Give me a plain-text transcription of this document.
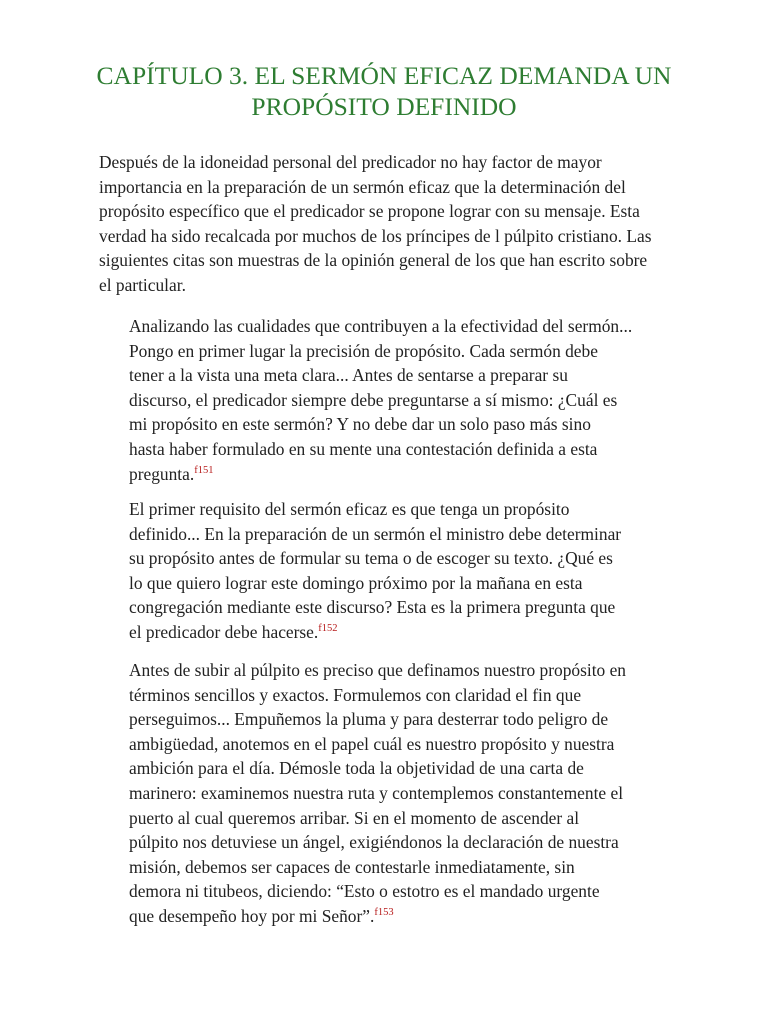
CAPÍTULO 3. EL SERMÓN EFICAZ DEMANDA UN
PROPÓSITO DEFINIDO

Después de la idoneidad personal del predicador no hay factor de mayor
importancia en la preparación de un sermón eficaz que la determinación del
propósito específico que el predicador se propone lograr con su mensaje. Esta
verdad ha sido recalcada por muchos de los príncipes de l púlpito cristiano. Las
siguientes citas son muestras de la opinión general de los que han escrito sobre
el particular.

Analizando las cualidades que contribuyen a la efectividad del sermón...
Pongo en primer lugar la precisión de propósito. Cada sermón debe
tener a la vista una meta clara... Antes de sentarse a preparar su
discurso, el predicador siempre debe preguntarse a sí mismo: ¿Cuál es
mi propósito en este sermón? Y no debe dar un solo paso más sino
hasta haber formulado en su mente una contestación definida a esta
pregunta.$^{f151}$

El primer requisito del sermón eficaz es que tenga un propósito
definido... En la preparación de un sermón el ministro debe determinar
su propósito antes de formular su tema o de escoger su texto. ¿Qué es
lo que quiero lograr este domingo próximo por la mañana en esta
congregación mediante este discurso? Esta es la primera pregunta que
el predicador debe hacerse.$^{f152}$

Antes de subir al púlpito es preciso que definamos nuestro propósito en
términos sencillos y exactos. Formulemos con claridad el fin que
perseguimos... Empuñemos la pluma y para desterrar todo peligro de
ambigüedad, anotemos en el papel cuál es nuestro propósito y nuestra
ambición para el día. Démosle toda la objetividad de una carta de
marinero: examinemos nuestra ruta y contemplemos constantemente el
puerto al cual queremos arribar. Si en el momento de ascender al
púlpito nos detuviese un ángel, exigiéndonos la declaración de nuestra
misión, debemos ser capaces de contestarle inmediatamente, sin
demora ni titubeos, diciendo: “Esto o estotro es el mandado urgente
que desempeño hoy por mi Señor”.$^{f153}$
